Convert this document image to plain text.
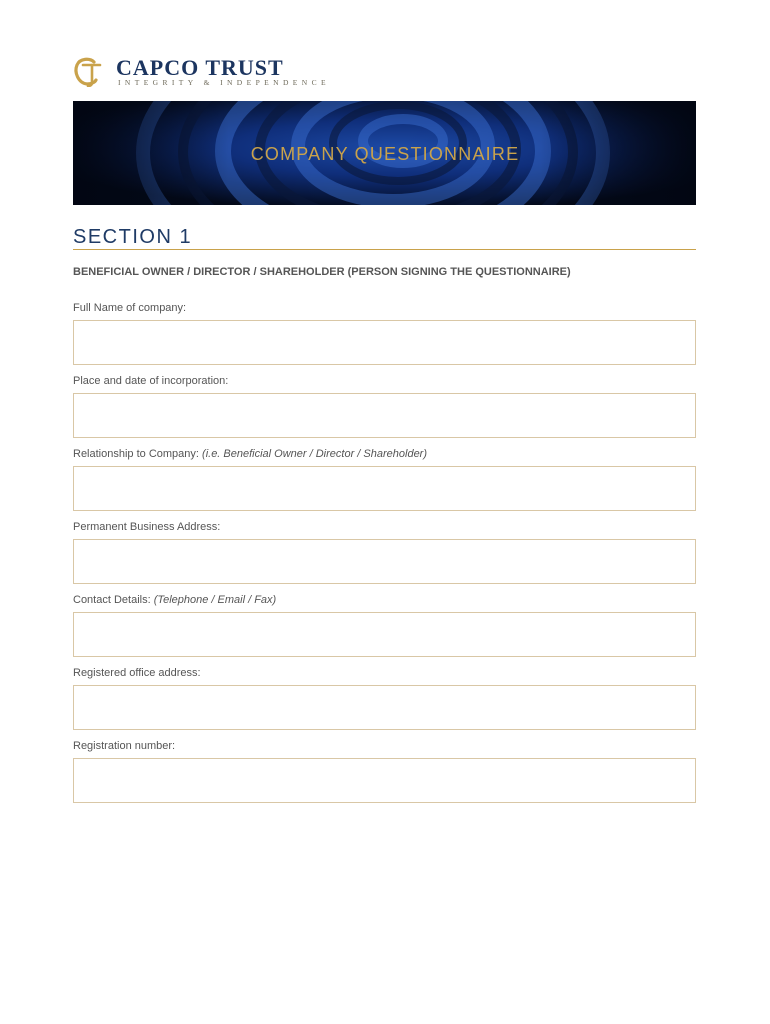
CAPCO TRUST
INTEGRITY & INDEPENDENCE
COMPANY QUESTIONNAIRE
SECTION 1
BENEFICIAL OWNER / DIRECTOR / SHAREHOLDER (PERSON SIGNING THE QUESTIONNAIRE)
Full Name of company:
Place and date of incorporation:
Relationship to Company: (i.e. Beneficial Owner / Director / Shareholder)
Permanent Business Address:
Contact Details: (Telephone / Email / Fax)
Registered office address:
Registration number:
